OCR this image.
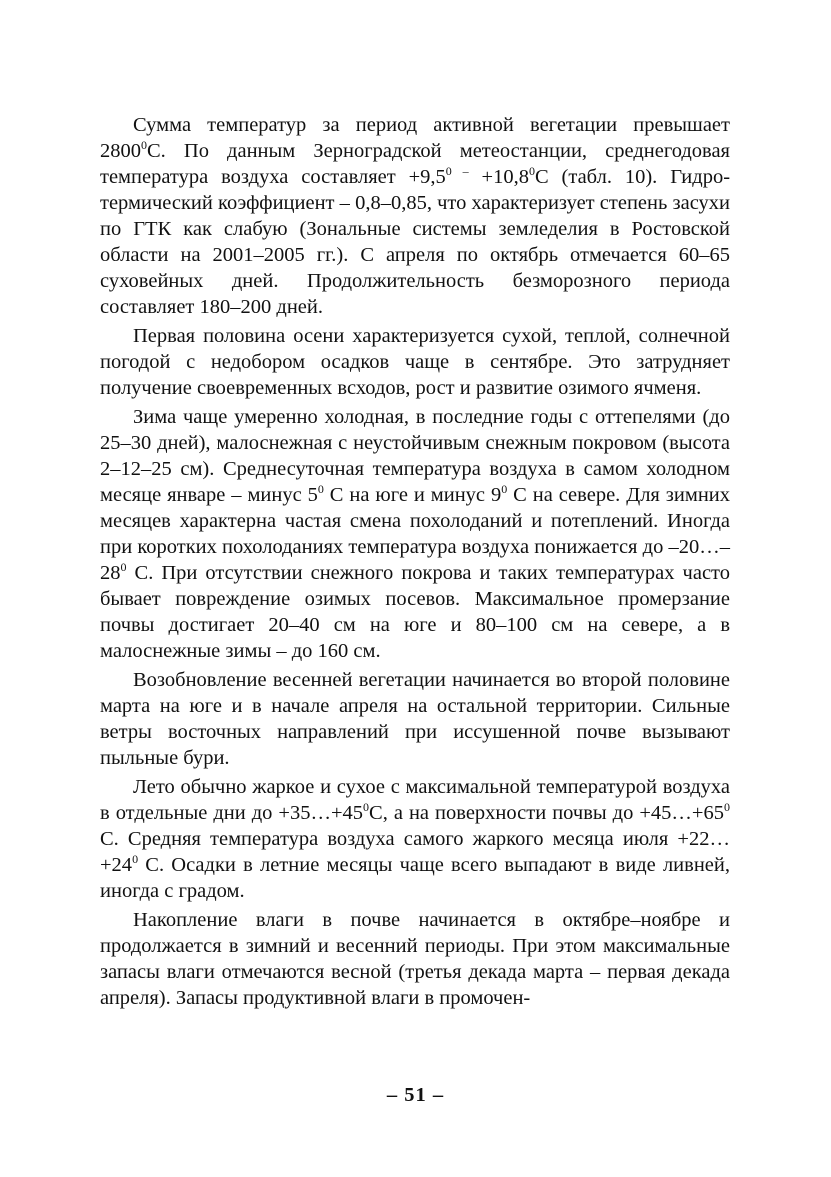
Сумма температур за период активной вегетации превышает 2800$^0$С. По данным Зерноградской метеостанции, среднегодовая температура воздуха составляет $+9,5^{0 -} +10,8^0С$ (табл. 10). Гидротермический коэффициент – 0,8–0,85, что характеризует степень засухи по ГТК как слабую (Зональные системы земледелия в Ростовской области на 2001–2005 гг.). С апреля по октябрь отмечается 60–65 суховейных дней. Продолжительность безморозного периода составляет 180–200 дней.

Первая половина осени характеризуется сухой, теплой, солнечной погодой с недобором осадков чаще в сентябре. Это затрудняет получение своевременных всходов, рост и развитие озимого ячменя.

Зима чаще умеренно холодная, в последние годы с оттепелями (до 25–30 дней), малоснежная с неустойчивым снежным покровом (высота 2–12–25 см). Среднесуточная температура воздуха в самом холодном месяце январе – минус $5^0$ С на юге и минус $9^0$ С на севере. Для зимних месяцев характерна частая смена похолоданий и потеплений. Иногда при коротких похолоданиях температура воздуха понижается до $-20\dots-28^0$ С. При отсутствии снежного покрова и таких температурах часто бывает повреждение озимых посевов. Максимальное промерзание почвы достигает 20–40 см на юге и 80–100 см на севере, а в малоснежные зимы – до 160 см.

Возобновление весенней вегетации начинается во второй половине марта на юге и в начале апреля на остальной территории. Сильные ветры восточных направлений при иссушенной почве вызывают пыльные бури.

Лето обычно жаркое и сухое с максимальной температурой воздуха в отдельные дни до $+35\dots+45^0С$, а на поверхности почвы до $+45\dots+65^0$ С. Средняя температура воздуха самого жаркого месяца июля $+22\dots+24^0$ С. Осадки в летние месяцы чаще всего выпадают в виде ливней, иногда с градом.

Накопление влаги в почве начинается в октябре–ноябре и продолжается в зимний и весенний периоды. При этом максимальные запасы влаги отмечаются весной (третья декада марта – первая декада апреля). Запасы продуктивной влаги в промочен-

– 51 –
